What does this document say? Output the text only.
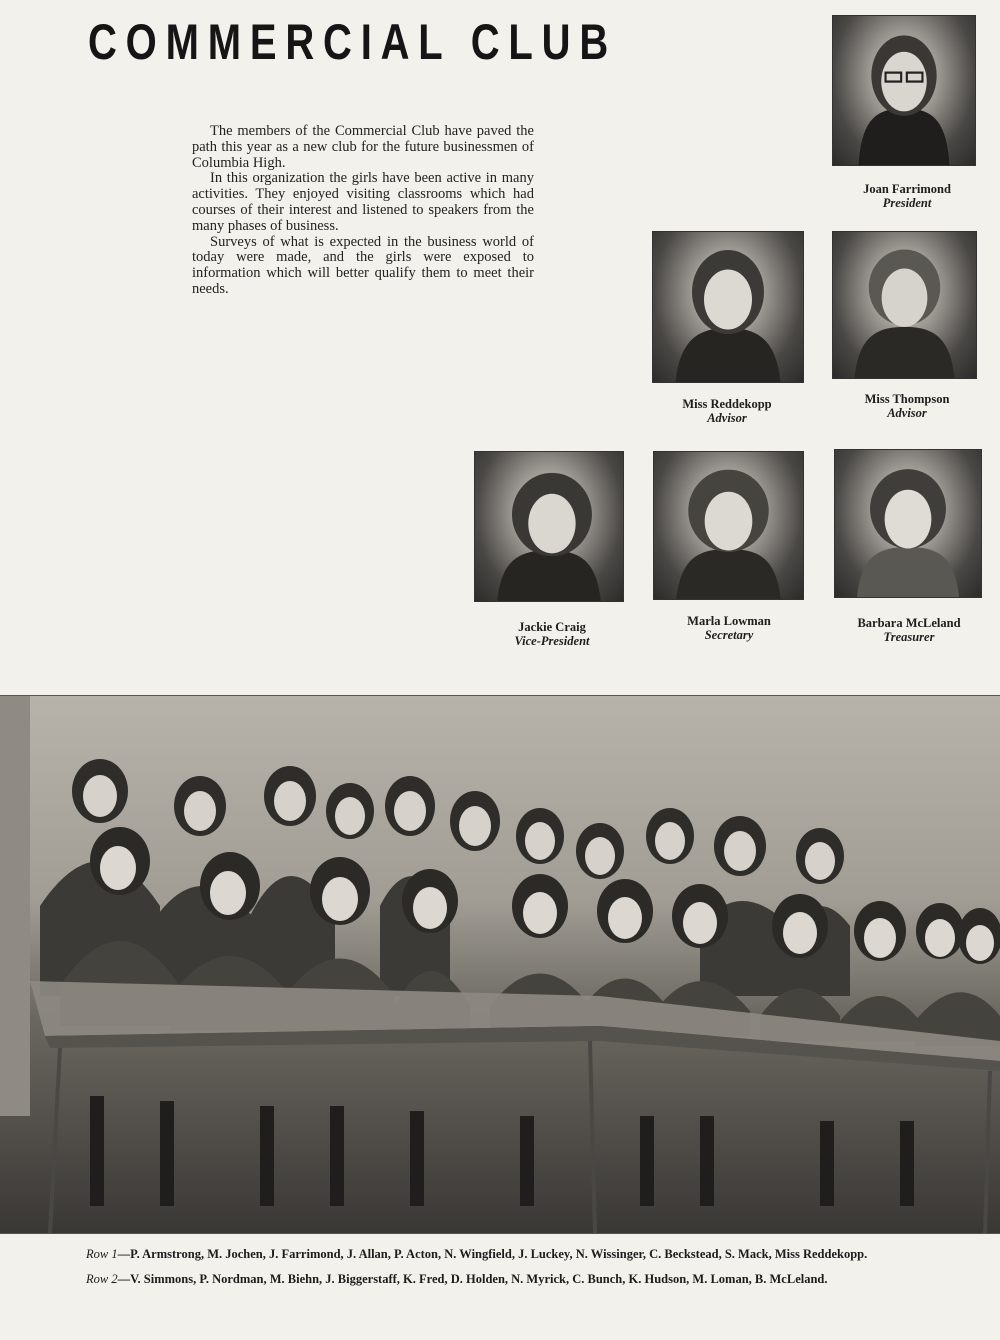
COMMERCIAL CLUB

The members of the Commercial Club have paved the path this year as a new club for the future businessmen of Columbia High.

In this organization the girls have been active in many activities. They enjoyed visiting classrooms which had courses of their interest and listened to speakers from the many phases of business.

Surveys of what is expected in the business world of today were made, and the girls were exposed to information which will better qualify them to meet their needs.

Joan Farrimond
President
Miss Reddekopp
Advisor
Miss Thompson
Advisor
Jackie Craig
Vice-President
Marla Lowman
Secretary
Barbara McLeland
Treasurer

Row 1—P. Armstrong, M. Jochen, J. Farrimond, J. Allan, P. Acton, N. Wingfield, J. Luckey, N. Wissinger, C. Beckstead, S. Mack, Miss Reddekopp.

Row 2—V. Simmons, P. Nordman, M. Biehn, J. Biggerstaff, K. Fred, D. Holden, N. Myrick, C. Bunch, K. Hudson, M. Loman, B. McLeland.
